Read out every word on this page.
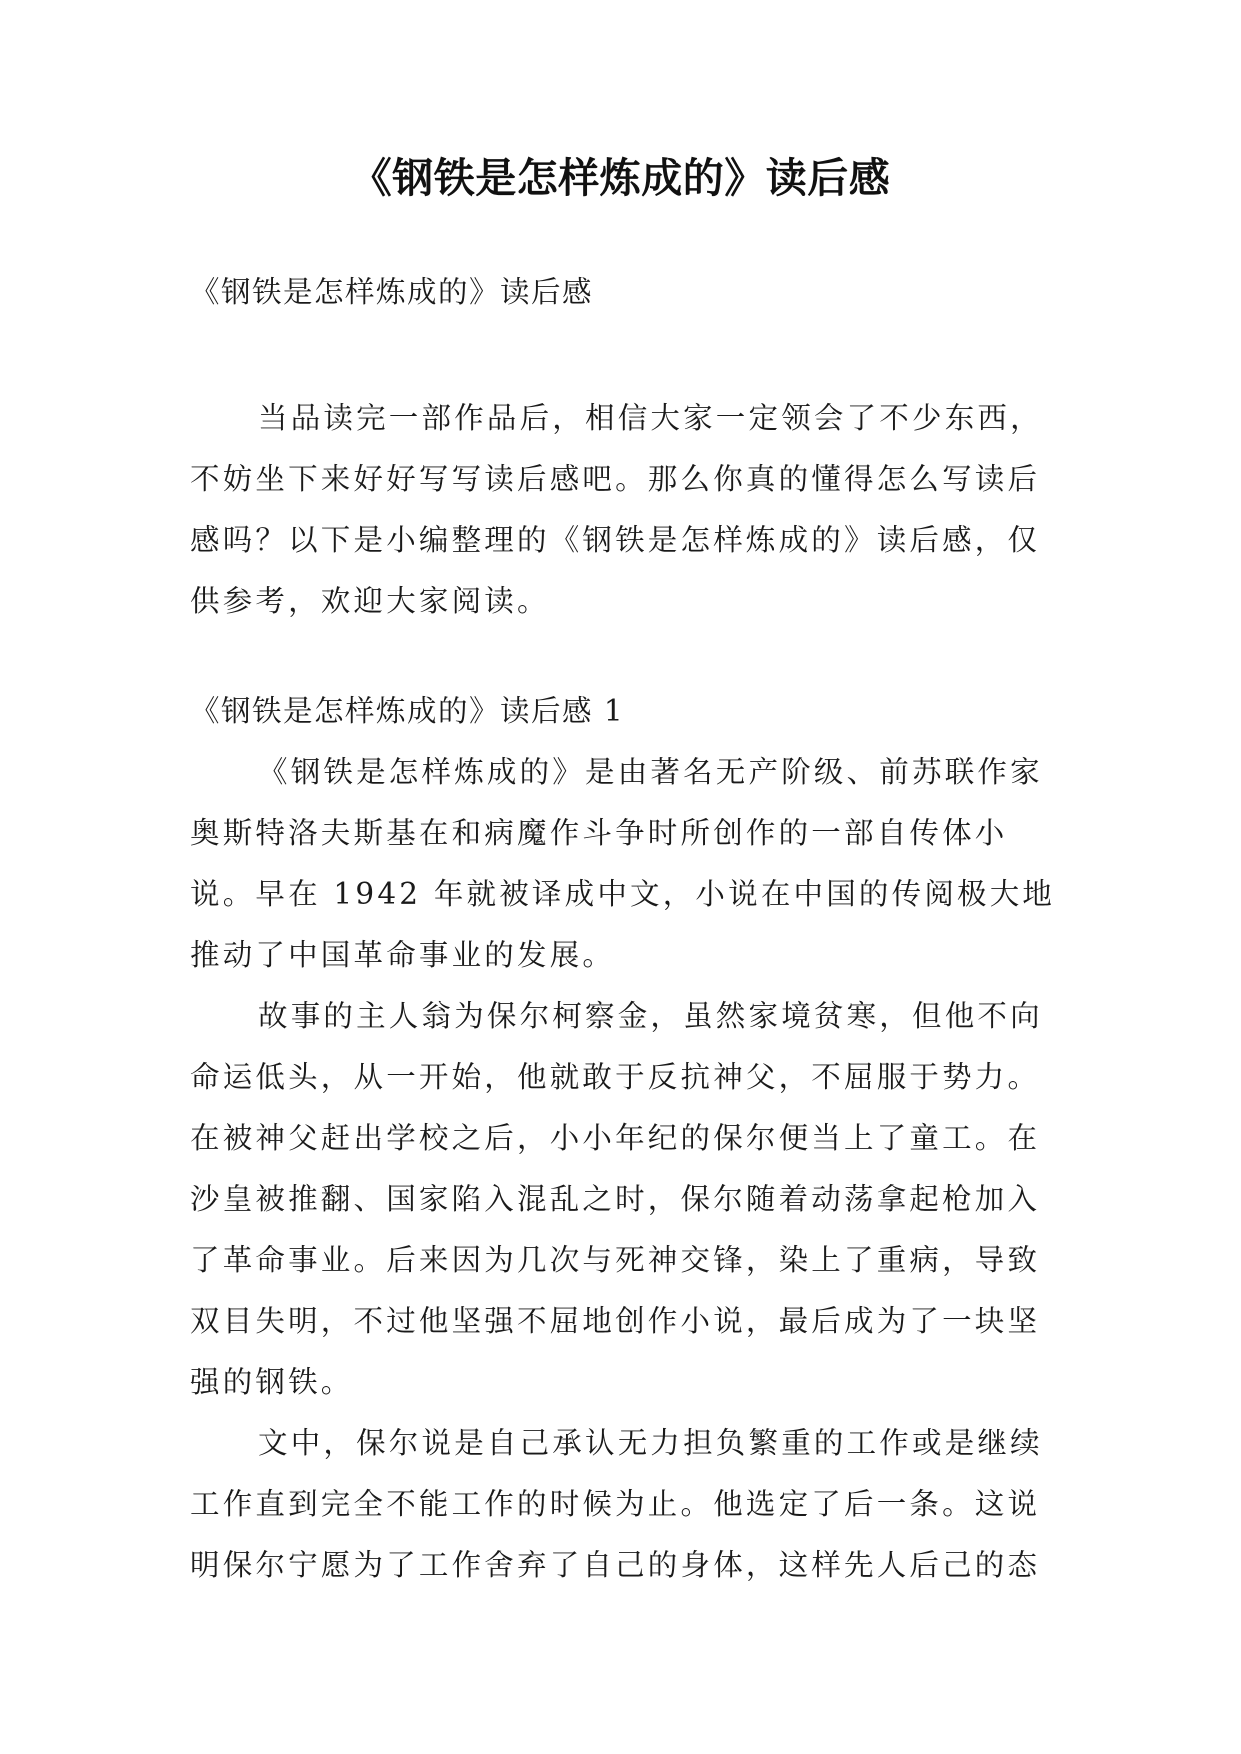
《钢铁是怎样炼成的》读后感

《钢铁是怎样炼成的》读后感

当品读完一部作品后，相信大家一定领会了不少东西，不妨坐下来好好写写读后感吧。那么你真的懂得怎么写读后感吗？以下是小编整理的《钢铁是怎样炼成的》读后感，仅供参考，欢迎大家阅读。

《钢铁是怎样炼成的》读后感 1

《钢铁是怎样炼成的》是由著名无产阶级、前苏联作家奥斯特洛夫斯基在和病魔作斗争时所创作的一部自传体小说。早在 1942 年就被译成中文，小说在中国的传阅极大地推动了中国革命事业的发展。

故事的主人翁为保尔柯察金，虽然家境贫寒，但他不向命运低头，从一开始，他就敢于反抗神父，不屈服于势力。在被神父赶出学校之后，小小年纪的保尔便当上了童工。在沙皇被推翻、国家陷入混乱之时，保尔随着动荡拿起枪加入了革命事业。后来因为几次与死神交锋，染上了重病，导致双目失明，不过他坚强不屈地创作小说，最后成为了一块坚强的钢铁。

文中，保尔说是自己承认无力担负繁重的工作或是继续工作直到完全不能工作的时候为止。他选定了后一条。这说明保尔宁愿为了工作舍弃了自己的身体，这样先人后己的态
